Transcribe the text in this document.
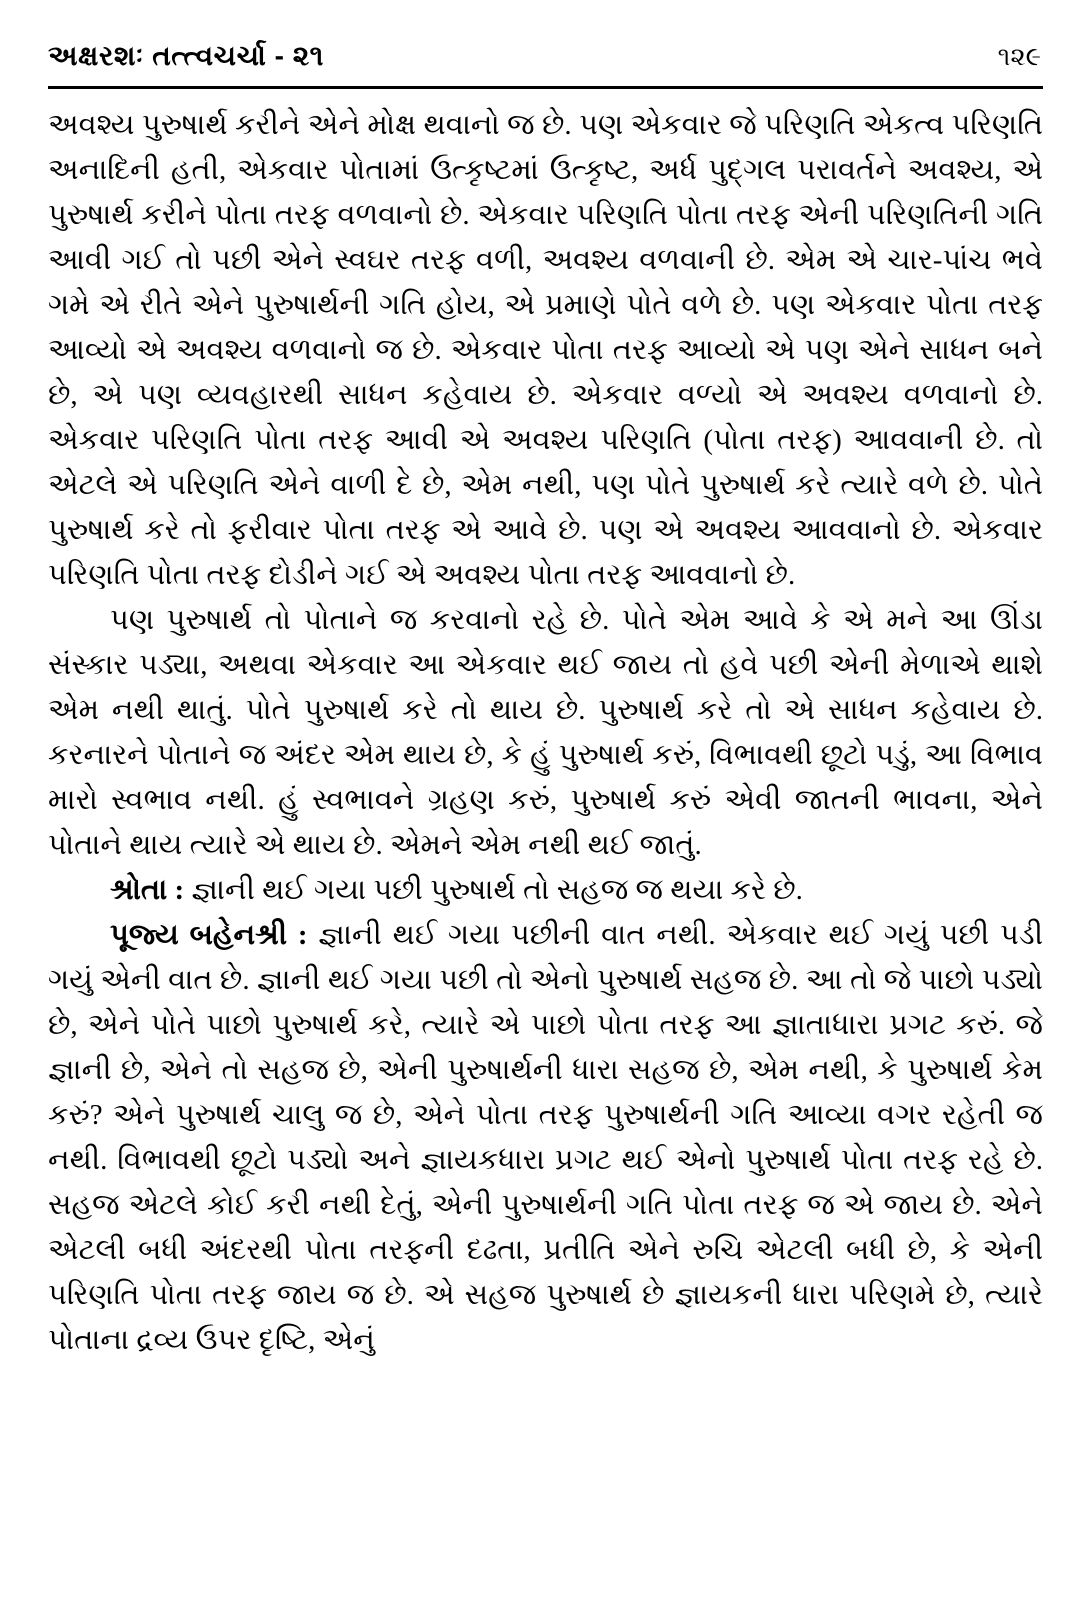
અક્ષરશઃ તત્ત્વચર્ચા - ૨૧	૧૨૯

અવશ્ય પુરુષાર્થ કરીને એને મોક્ષ થવાનો જ છે. પણ એકવાર જે પરિણતિ એકત્વ પરિણતિ અનાદિની હતી, એકવાર પોતામાં ઉત્કૃષ્ટમાં ઉત્કૃષ્ટ, અર્ધ પુદ્ગલ પરાવર્તને અવશ્ય, એ પુરુષાર્થ કરીને પોતા તરફ વળવાનો છે. એકવાર પરિણતિ પોતા તરફ એની પરિણતિની ગતિ આવી ગઈ તો પછી એને સ્વઘર તરફ વળી, અવશ્ય વળવાની છે. એમ એ ચાર-પાંચ ભવે ગમે એ રીતે એને પુરુષાર્થની ગતિ હોય, એ પ્રમાણે પોતે વળે છે. પણ એકવાર પોતા તરફ આવ્યો એ અવશ્ય વળવાનો જ છે. એકવાર પોતા તરફ આવ્યો એ પણ એને સાધન બને છે, એ પણ વ્યવહારથી સાધન કહેવાય છે. એકવાર વળ્યો એ અવશ્ય વળવાનો છે. એકવાર પરિણતિ પોતા તરફ આવી એ અવશ્ય પરિણતિ (પોતા તરફ) આવવાની છે. તો એટલે એ પરિણતિ એને વાળી દે છે, એમ નથી, પણ પોતે પુરુષાર્થ કરે ત્યારે વળે છે. પોતે પુરુષાર્થ કરે તો ફરીવાર પોતા તરફ એ આવે છે. પણ એ અવશ્ય આવવાનો છે. એકવાર પરિણતિ પોતા તરફ દોડીને ગઈ એ અવશ્ય પોતા તરફ આવવાનો છે.

પણ પુરુષાર્થ તો પોતાને જ કરવાનો રહે છે. પોતે એમ આવે કે એ મને આ ઊંડા સંસ્કાર પડ્યા, અથવા એકવાર આ એકવાર થઈ જાય તો હવે પછી એની મેળાએ થાશે એમ નથી થાતું. પોતે પુરુષાર્થ કરે તો થાય છે. પુરુષાર્થ કરે તો એ સાધન કહેવાય છે. કરનારને પોતાને જ અંદર એમ થાય છે, કે હું પુરુષાર્થ કરું, વિભાવથી છૂટો પડું, આ વિભાવ મારો સ્વભાવ નથી. હું સ્વભાવને ગ્રહણ કરું, પુરુષાર્થ કરું એવી જાતની ભાવના, એને પોતાને થાય ત્યારે એ થાય છે. એમને એમ નથી થઈ જાતું.

શ્રોતા : જ્ઞાની થઈ ગયા પછી પુરુષાર્થ તો સહજ જ થયા કરે છે.

પૂજ્ય બહેનશ્રી : જ્ઞાની થઈ ગયા પછીની વાત નથી. એકવાર થઈ ગયું પછી પડી ગયું એની વાત છે. જ્ઞાની થઈ ગયા પછી તો એનો પુરુષાર્થ સહજ છે. આ તો જે પાછો પડ્યો છે, એને પોતે પાછો પુરુષાર્થ કરે, ત્યારે એ પાછો પોતા તરફ આ જ્ઞાતાધારા પ્રગટ કરું. જે જ્ઞાની છે, એને તો સહજ છે, એની પુરુષાર્થની ધારા સહજ છે, એમ નથી, કે પુરુષાર્થ કેમ કરું? એને પુરુષાર્થ ચાલુ જ છે, એને પોતા તરફ પુરુષાર્થની ગતિ આવ્યા વગર રહેતી જ નથી. વિભાવથી છૂટો પડ્યો અને જ્ઞાયકધારા પ્રગટ થઈ એનો પુરુષાર્થ પોતા તરફ રહે છે. સહજ એટલે કોઈ કરી નથી દેતું, એની પુરુષાર્થની ગતિ પોતા તરફ જ એ જાય છે. એને એટલી બધી અંદરથી પોતા તરફની દઢતા, પ્રતીતિ એને રુચિ એટલી બધી છે, કે એની પરિણતિ પોતા તરફ જાય જ છે. એ સહજ પુરુષાર્થ છે જ્ઞાયકની ધારા પરિણમે છે, ત્યારે પોતાના દ્રવ્ય ઉપર દૃષ્ટિ, એનું
